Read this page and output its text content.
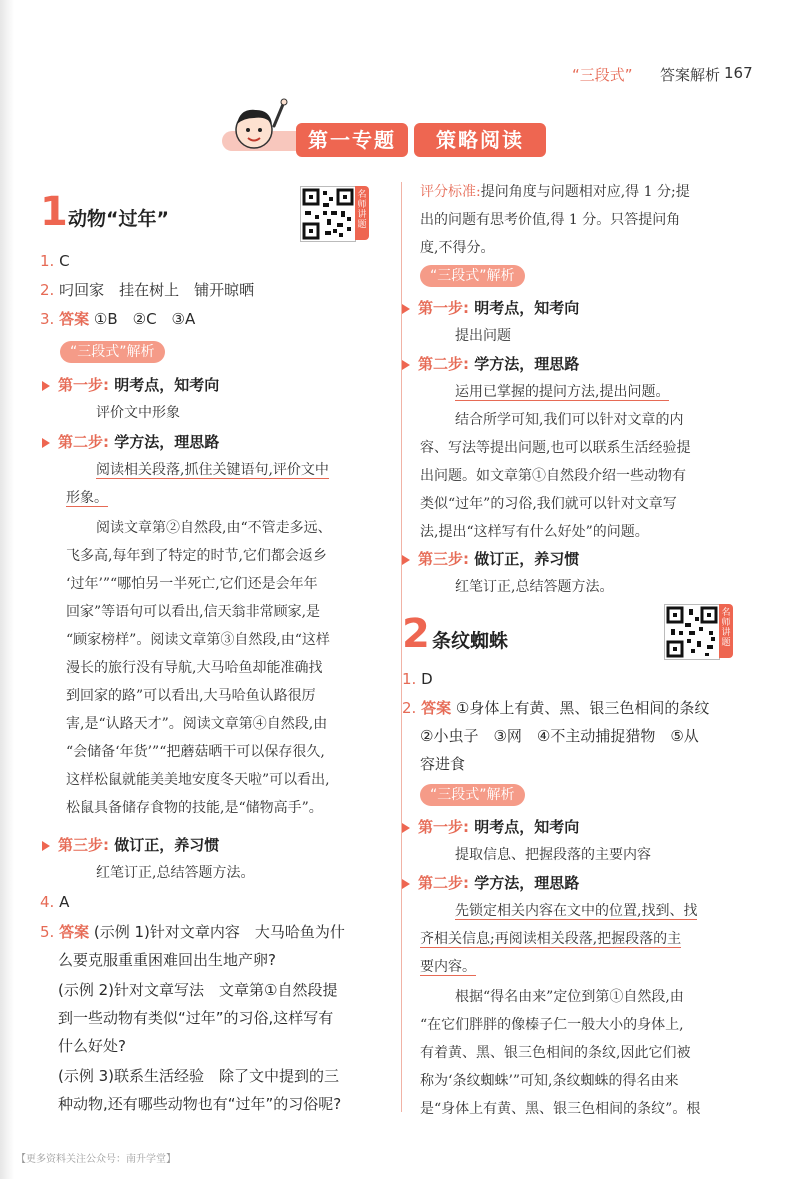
“三段式” 答案解析 167
第一专题	策略阅读
1 动物“过年”
名师讲题
1. C
2. 叼回家　挂在树上　铺开晾晒
3. 答案 ①B　②C　③A
“三段式”解析
第一步: 明考点，知考向
评价文中形象
第二步: 学方法，理思路
阅读相关段落,抓住关键语句,评价文中
形象。
阅读文章第②自然段,由“不管走多远、
飞多高,每年到了特定的时节,它们都会返乡
‘过年’”“哪怕另一半死亡,它们还是会年年
回家”等语句可以看出,信天翁非常顾家,是
“顾家榜样”。阅读文章第③自然段,由“这样
漫长的旅行没有导航,大马哈鱼却能准确找
到回家的路”可以看出,大马哈鱼认路很厉
害,是“认路天才”。阅读文章第④自然段,由
“会储备‘年货’”“把蘑菇晒干可以保存很久,
这样松鼠就能美美地安度冬天啦”可以看出,
松鼠具备储存食物的技能,是“储物高手”。
第三步: 做订正，养习惯
红笔订正,总结答题方法。
4. A
5. 答案 (示例 1)针对文章内容　大马哈鱼为什
么要克服重重困难回出生地产卵?
(示例 2)针对文章写法　文章第①自然段提
到一些动物有类似“过年”的习俗,这样写有
什么好处?
(示例 3)联系生活经验　除了文中提到的三
种动物,还有哪些动物也有“过年”的习俗呢?
评分标准:提问角度与问题相对应,得 1 分;提
出的问题有思考价值,得 1 分。只答提问角
度,不得分。
“三段式”解析
第一步: 明考点，知考向
提出问题
第二步: 学方法，理思路
运用已掌握的提问方法,提出问题。
结合所学可知,我们可以针对文章的内
容、写法等提出问题,也可以联系生活经验提
出问题。如文章第①自然段介绍一些动物有
类似“过年”的习俗,我们就可以针对文章写
法,提出“这样写有什么好处”的问题。
第三步: 做订正，养习惯
红笔订正,总结答题方法。
2 条纹蜘蛛
名师讲题
1. D
2. 答案 ①身体上有黄、黑、银三色相间的条纹
②小虫子　③网　④不主动捕捉猎物　⑤从
容进食
“三段式”解析
第一步: 明考点，知考向
提取信息、把握段落的主要内容
第二步: 学方法，理思路
先锁定相关内容在文中的位置,找到、找
齐相关信息;再阅读相关段落,把握段落的主
要内容。
根据“得名由来”定位到第①自然段,由
“在它们胖胖的像榛子仁一般大小的身体上,
有着黄、黑、银三色相间的条纹,因此它们被
称为‘条纹蜘蛛’”可知,条纹蜘蛛的得名由来
是“身体上有黄、黑、银三色相间的条纹”。根
【更多资料关注公众号：南升学堂】
